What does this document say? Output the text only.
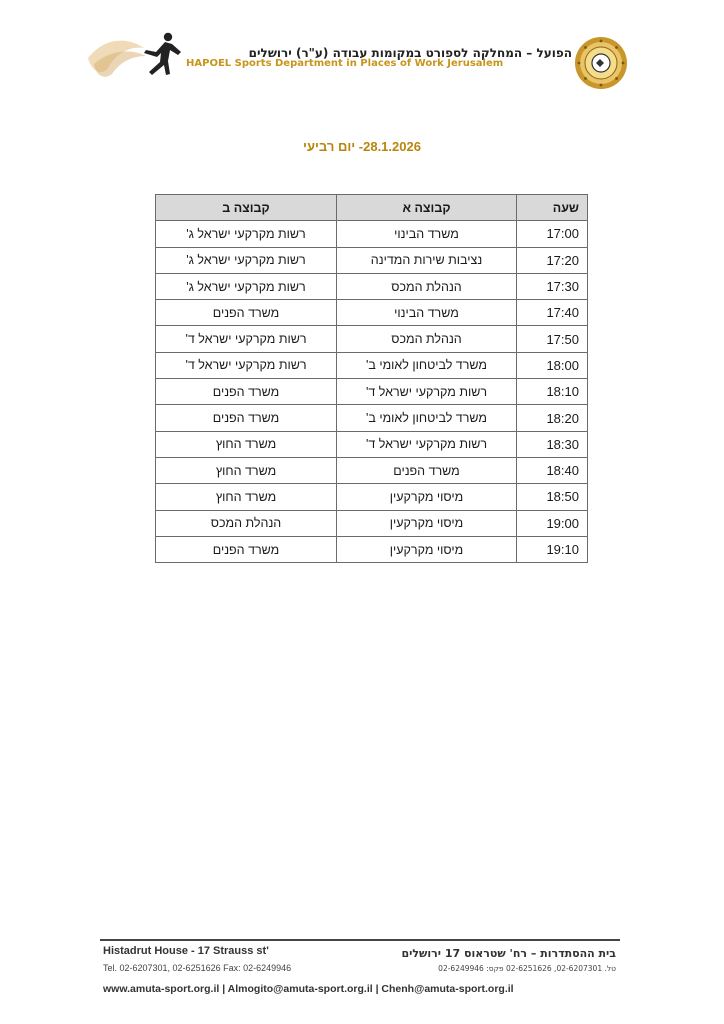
הפועל – המחלקה לספורט במקומות עבודה (ע"ר) ירושלים
HAPOEL Sports Department in Places of Work Jerusalem
28.1.2026- יום רביעי
שעה	קבוצה א	קבוצה ב
17:00	משרד הבינוי	רשות מקרקעי ישראל ג'
17:20	נציבות שירות המדינה	רשות מקרקעי ישראל ג'
17:30	הנהלת המכס	רשות מקרקעי ישראל ג'
17:40	משרד הבינוי	משרד הפנים
17:50	הנהלת המכס	רשות מקרקעי ישראל ד'
18:00	משרד לביטחון לאומי ב'	רשות מקרקעי ישראל ד'
18:10	רשות מקרקעי ישראל ד'	משרד הפנים
18:20	משרד לביטחון לאומי ב'	משרד הפנים
18:30	רשות מקרקעי ישראל ד'	משרד החוץ
18:40	משרד הפנים	משרד החוץ
18:50	מיסוי מקרקעין	משרד החוץ
19:00	מיסוי מקרקעין	הנהלת המכס
19:10	מיסוי מקרקעין	משרד הפנים
Histadrut House - 17 Strauss st'
Tel. 02-6207301, 02-6251626 Fax: 02-6249946
בית ההסתדרות – רח' שטראוס 17 ירושלים
טל. 02-6207301, 02-6251626 פקס: 02-6249946
www.amuta-sport.org.il | Almogito@amuta-sport.org.il | Chenh@amuta-sport.org.il
